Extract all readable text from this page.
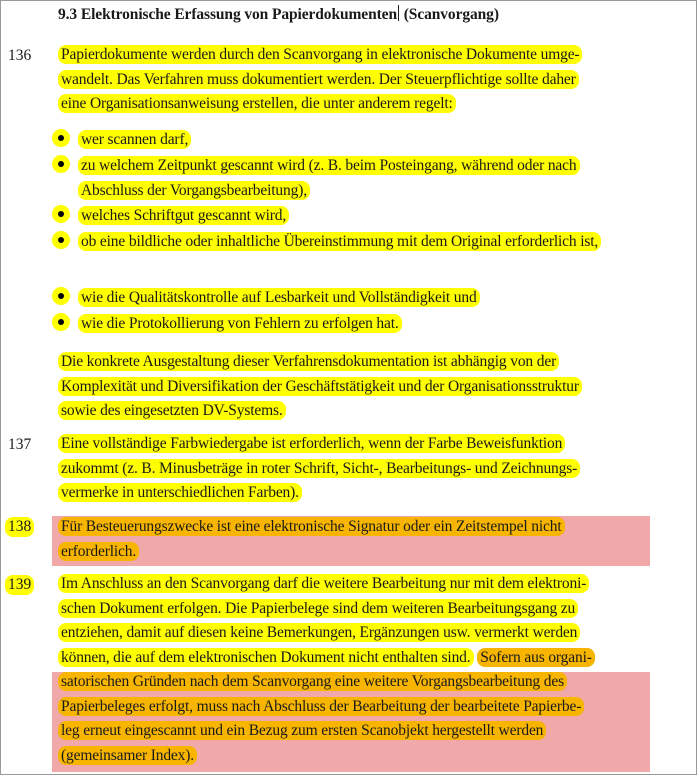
9.3 Elektronische Erfassung von Papierdokumenten (Scanvorgang)
136 Papierdokumente werden durch den Scanvorgang in elektronische Dokumente umge-
wandelt. Das Verfahren muss dokumentiert werden. Der Steuerpflichtige sollte daher
eine Organisationsanweisung erstellen, die unter anderem regelt:
wer scannen darf,
zu welchem Zeitpunkt gescannt wird (z. B. beim Posteingang, während oder nach
Abschluss der Vorgangsbearbeitung),
welches Schriftgut gescannt wird,
ob eine bildliche oder inhaltliche Übereinstimmung mit dem Original erforderlich ist,
wie die Qualitätskontrolle auf Lesbarkeit und Vollständigkeit und
wie die Protokollierung von Fehlern zu erfolgen hat.
Die konkrete Ausgestaltung dieser Verfahrensdokumentation ist abhängig von der
Komplexität und Diversifikation der Geschäftstätigkeit und der Organisationsstruktur
sowie des eingesetzten DV-Systems.
137 Eine vollständige Farbwiedergabe ist erforderlich, wenn der Farbe Beweisfunktion
zukommt (z. B. Minusbeträge in roter Schrift, Sicht-, Bearbeitungs- und Zeichnungs-
vermerke in unterschiedlichen Farben).
138 Für Besteuerungszwecke ist eine elektronische Signatur oder ein Zeitstempel nicht
erforderlich.
139 Im Anschluss an den Scanvorgang darf die weitere Bearbeitung nur mit dem elektroni-
schen Dokument erfolgen. Die Papierbelege sind dem weiteren Bearbeitungsgang zu
entziehen, damit auf diesen keine Bemerkungen, Ergänzungen usw. vermerkt werden
können, die auf dem elektronischen Dokument nicht enthalten sind. Sofern aus organi-
satorischen Gründen nach dem Scanvorgang eine weitere Vorgangsbearbeitung des
Papierbeleges erfolgt, muss nach Abschluss der Bearbeitung der bearbeitete Papierbe-
leg erneut eingescannt und ein Bezug zum ersten Scanobjekt hergestellt werden
(gemeinsamer Index).
